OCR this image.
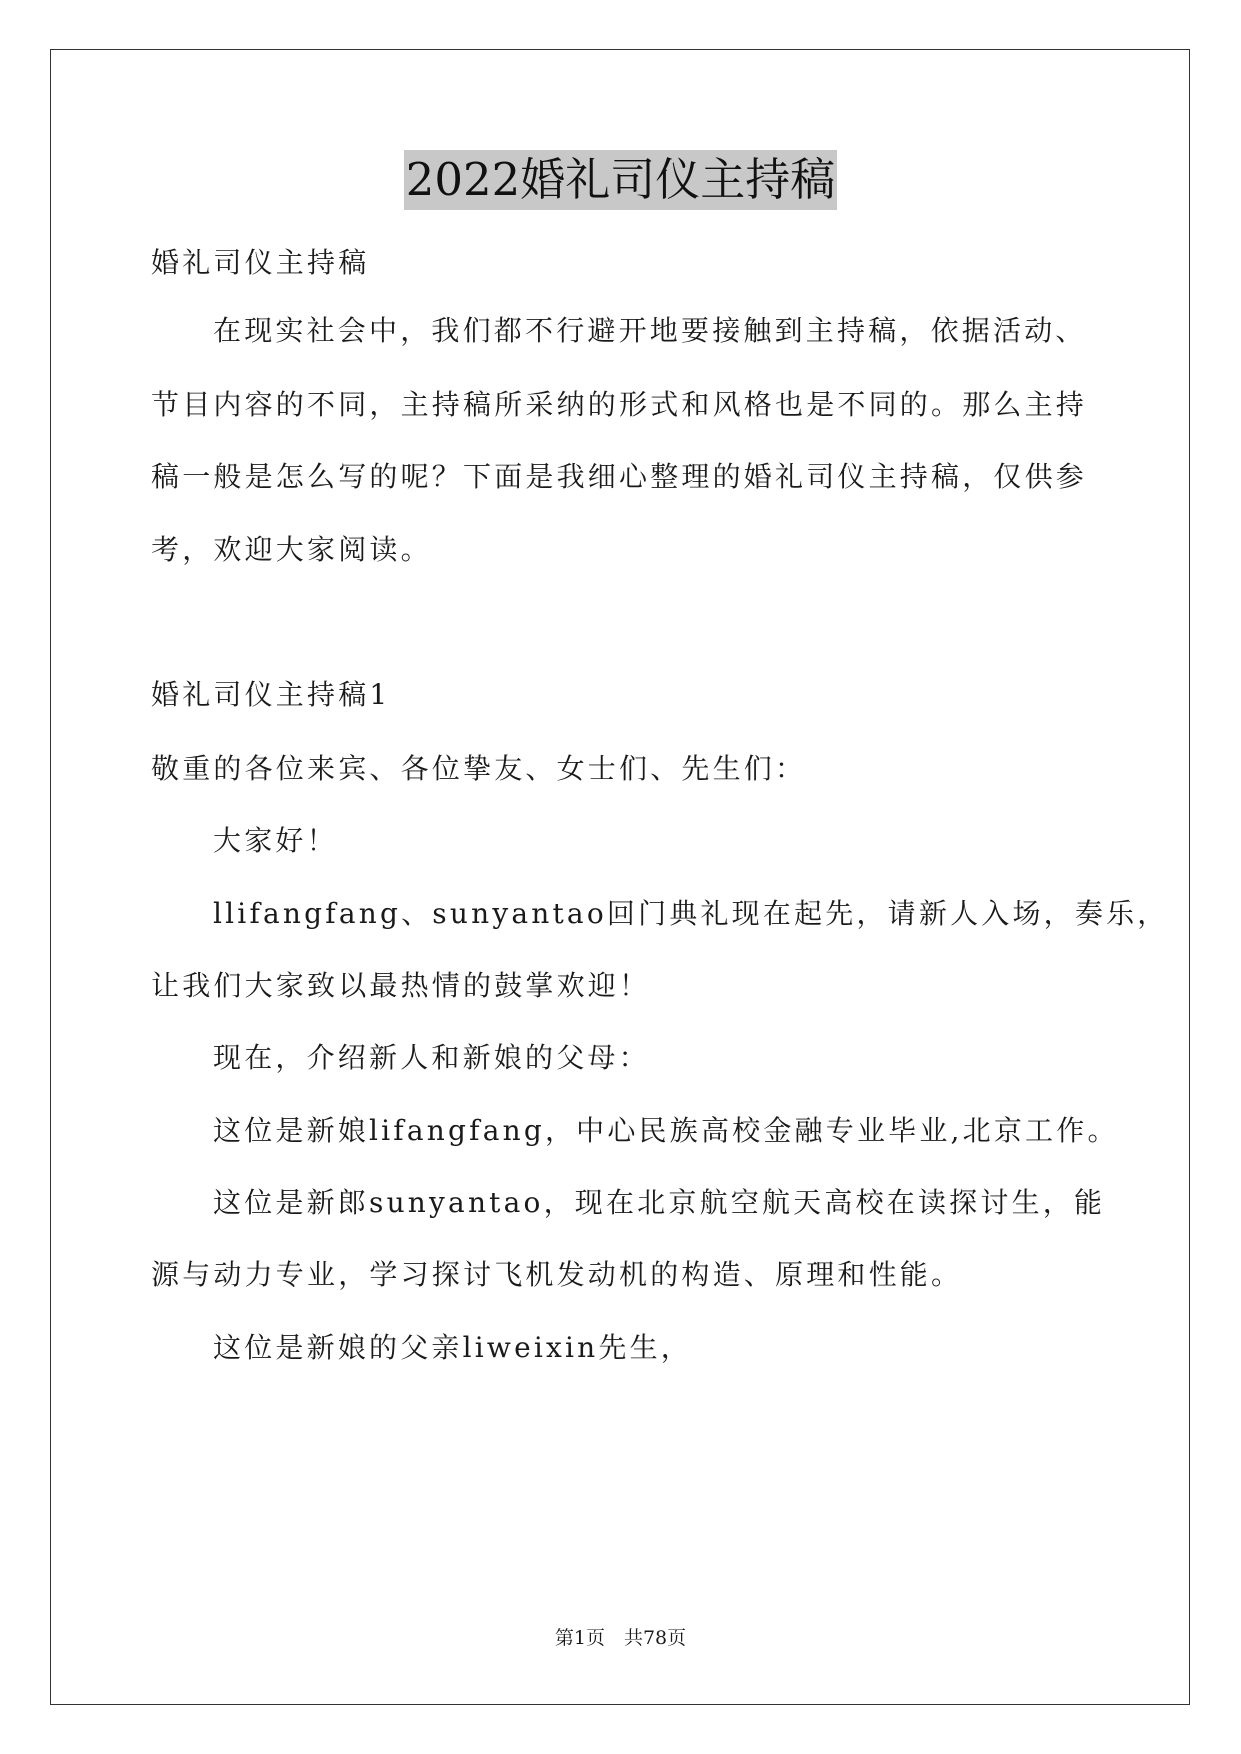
2022婚礼司仪主持稿

婚礼司仪主持稿

在现实社会中，我们都不行避开地要接触到主持稿，依据活动、

节目内容的不同，主持稿所采纳的形式和风格也是不同的。那么主持

稿一般是怎么写的呢？下面是我细心整理的婚礼司仪主持稿，仅供参

考，欢迎大家阅读。

婚礼司仪主持稿1

敬重的各位来宾、各位挚友、女士们、先生们：

大家好！

llifangfang、sunyantao回门典礼现在起先，请新人入场，奏乐，

让我们大家致以最热情的鼓掌欢迎！

现在，介绍新人和新娘的父母：

这位是新娘lifangfang，中心民族高校金融专业毕业,北京工作。

这位是新郎sunyantao，现在北京航空航天高校在读探讨生，能

源与动力专业，学习探讨飞机发动机的构造、原理和性能。

这位是新娘的父亲liweixin先生，

第1页　共78页
